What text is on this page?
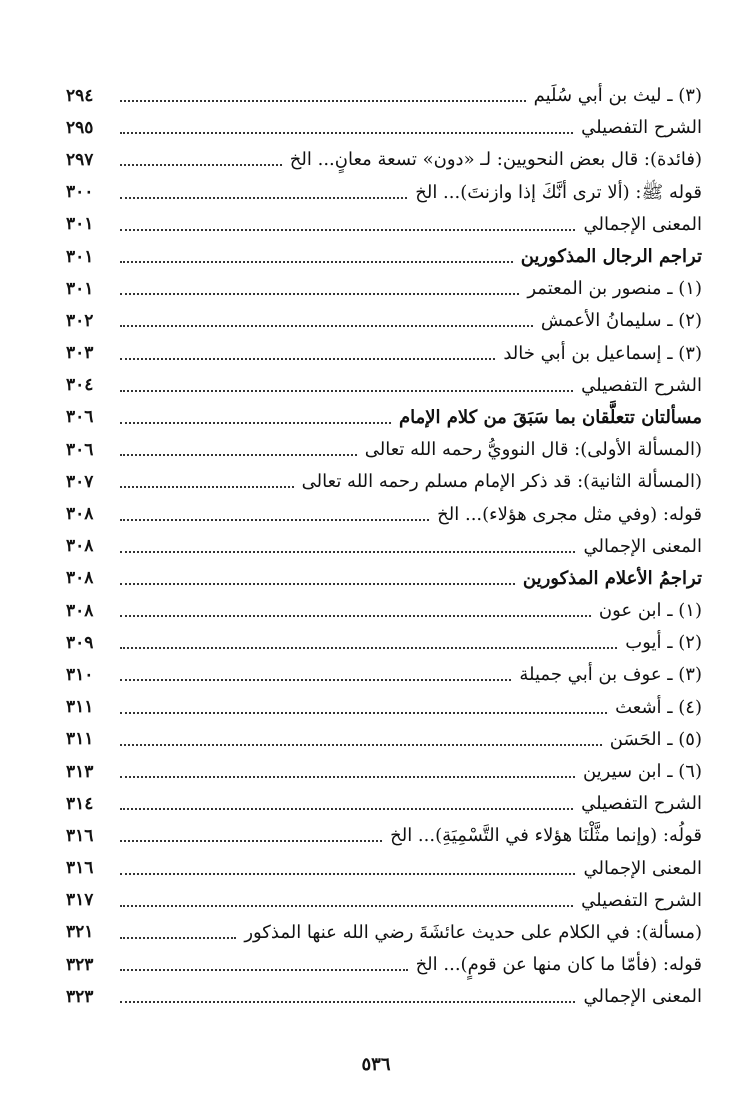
(٣) ـ ليث بن أبي سُلَيم
٢٩٤
الشرح التفصيلي
٢٩٥
(فائدة): قال بعض النحويين: لـ «دون» تسعة معانٍ... الخ
٢٩٧
قوله ﷺ: (ألا ترى أنَّكَ إذا وازنتَ)... الخ
٣٠٠
المعنى الإجمالي
٣٠١
تراجم الرجال المذكورين
٣٠١
(١) ـ منصور بن المعتمر
٣٠١
(٢) ـ سليمانُ الأعمش
٣٠٢
(٣) ـ إسماعيل بن أبي خالد
٣٠٣
الشرح التفصيلي
٣٠٤
مسألتان تتعلَّقان بما سَبَقَ من كلام الإمام
٣٠٦
(المسألة الأولى): قال النوويُّ رحمه الله تعالى
٣٠٦
(المسألة الثانية): قد ذكر الإمام مسلم رحمه الله تعالى
٣٠٧
قوله: (وفي مثل مجرى هؤلاء)... الخ
٣٠٨
المعنى الإجمالي
٣٠٨
تراجمُ الأعلام المذكورين
٣٠٨
(١) ـ ابن عون
٣٠٨
(٢) ـ أيوب
٣٠٩
(٣) ـ عوف بن أبي جميلة
٣١٠
(٤) ـ أشعث
٣١١
(٥) ـ الحَسَن
٣١١
(٦) ـ ابن سيرين
٣١٣
الشرح التفصيلي
٣١٤
قولُه: (وإنما مثَّلْنَا هؤلاء في التَّسْمِيَةِ)... الخ
٣١٦
المعنى الإجمالي
٣١٦
الشرح التفصيلي
٣١٧
(مسألة): في الكلام على حديث عائشَةَ رضي الله عنها المذكور
٣٢١
قوله: (فأمّا ما كان منها عن قومٍ)... الخ
٣٢٣
المعنى الإجمالي
٣٢٣
٥٣٦
